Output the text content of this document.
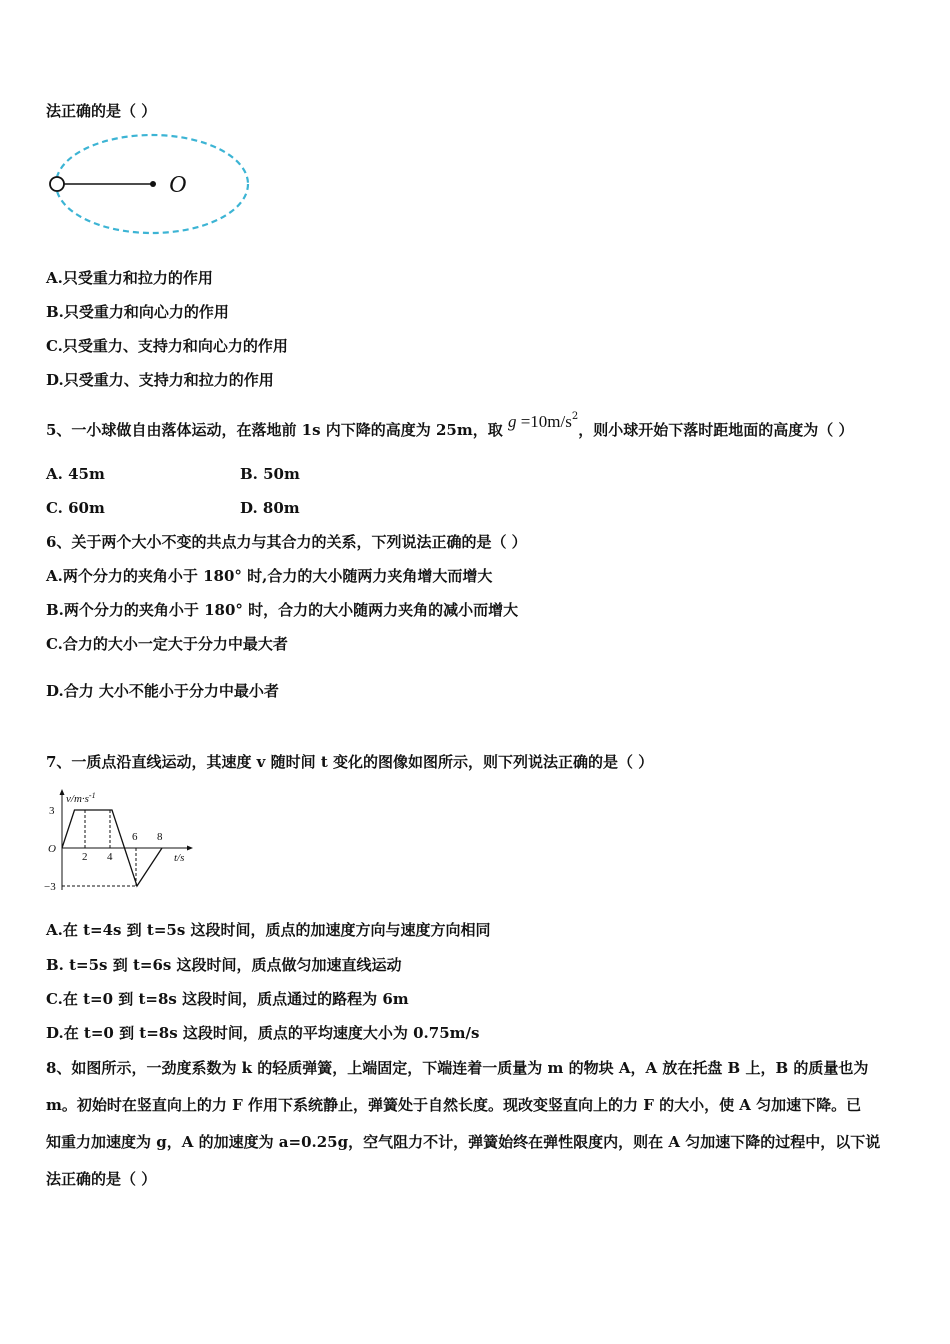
法正确的是（ ）
O
A.只受重力和拉力的作用
B.只受重力和向心力的作用
C.只受重力、支持力和向心力的作用
D.只受重力、支持力和拉力的作用
5、一小球做自由落体运动，在落地前 1s 内下降的高度为 25m，取 $g =10m/s^2$，则小球开始下落时距地面的高度为（ ）
A. 45m	B. 50m
C. 60m	D. 80m
6、关于两个大小不变的共点力与其合力的关系，下列说法正确的是（ ）
A.两个分力的夹角小于 180° 时,合力的大小随两力夹角增大而增大
B.两个分力的夹角小于 180° 时，合力的大小随两力夹角的减小而增大
C.合力的大小一定大于分力中最大者
D.合力 大小不能小于分力中最小者
7、一质点沿直线运动，其速度 v 随时间 t 变化的图像如图所示，则下列说法正确的是（ ）
$v/m\cdot s^{-1}$
t/s
O
3
−3
2 4
6 8
A.在 t=4s 到 t=5s 这段时间，质点的加速度方向与速度方向相同
B. t=5s 到 t=6s 这段时间，质点做匀加速直线运动
C.在 t=0 到 t=8s 这段时间，质点通过的路程为 6m
D.在 t=0 到 t=8s 这段时间，质点的平均速度大小为 0.75m/s
8、如图所示，一劲度系数为 k 的轻质弹簧，上端固定，下端连着一质量为 m 的物块 A，A 放在托盘 B 上，B 的质量也为
m。初始时在竖直向上的力 F 作用下系统静止，弹簧处于自然长度。现改变竖直向上的力 F 的大小，使 A 匀加速下降。已
知重力加速度为 g，A 的加速度为 a=0.25g，空气阻力不计，弹簧始终在弹性限度内，则在 A 匀加速下降的过程中，以下说
法正确的是（ ）
